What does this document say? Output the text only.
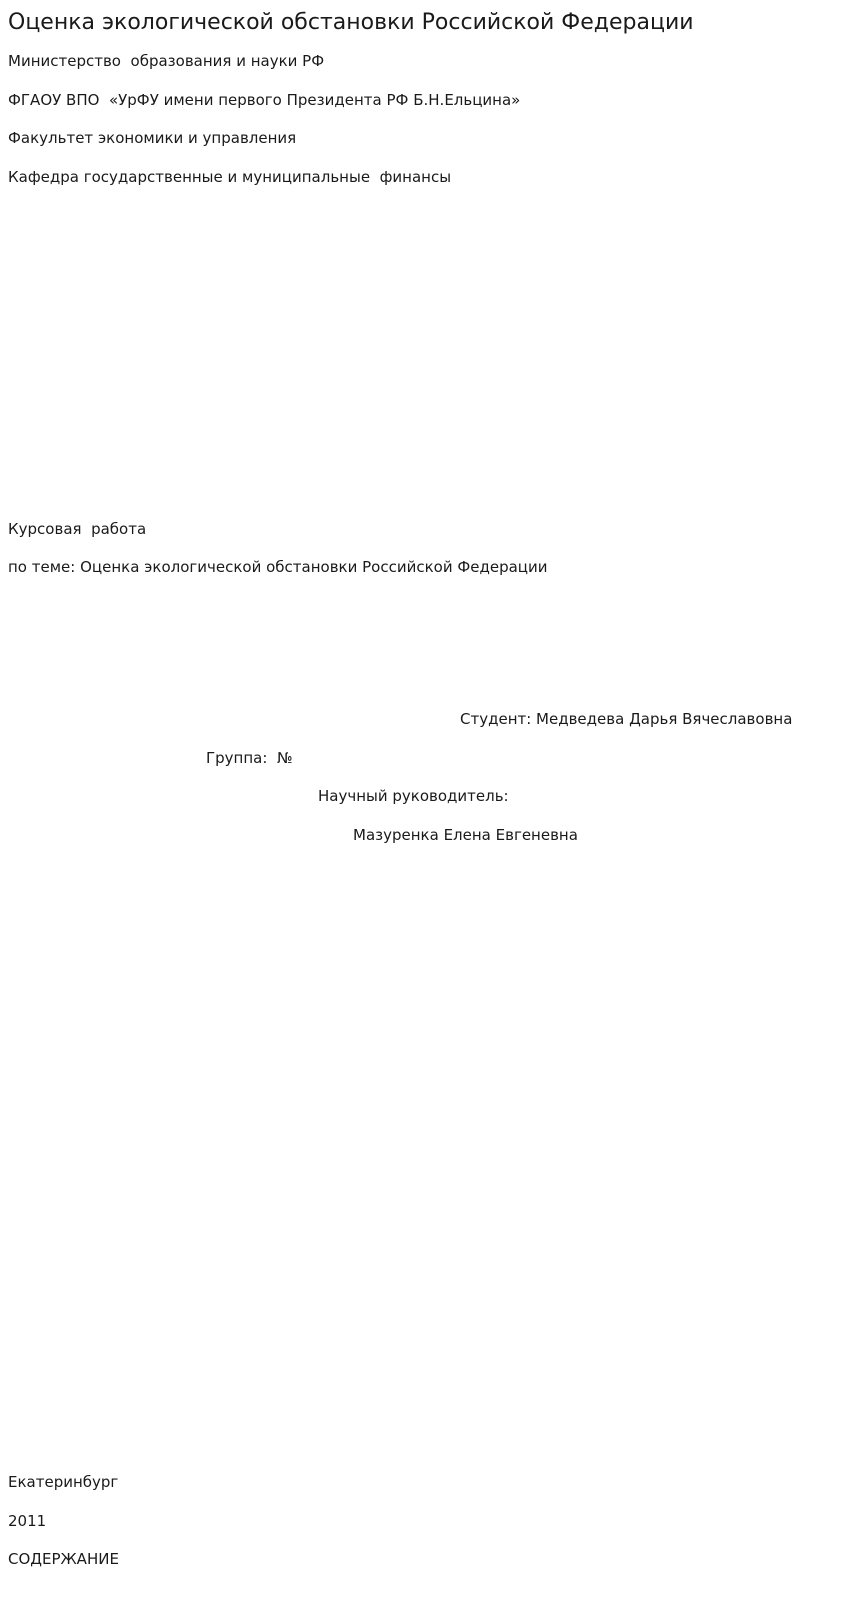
Оценка экологической обстановки Российской Федерации

Министерство  образования и науки РФ

ФГАОУ ВПО  «УрФУ имени первого Президента РФ Б.Н.Ельцина»

Факультет экономики и управления

Кафедра государственные и муниципальные  финансы

Курсовая  работа

по теме: Оценка экологической обстановки Российской Федерации

Студент: Медведева Дарья Вячеславовна

Группа:  №

Научный руководитель:

Мазуренка Елена Евгеневна

Екатеринбург

2011

СОДЕРЖАНИЕ
